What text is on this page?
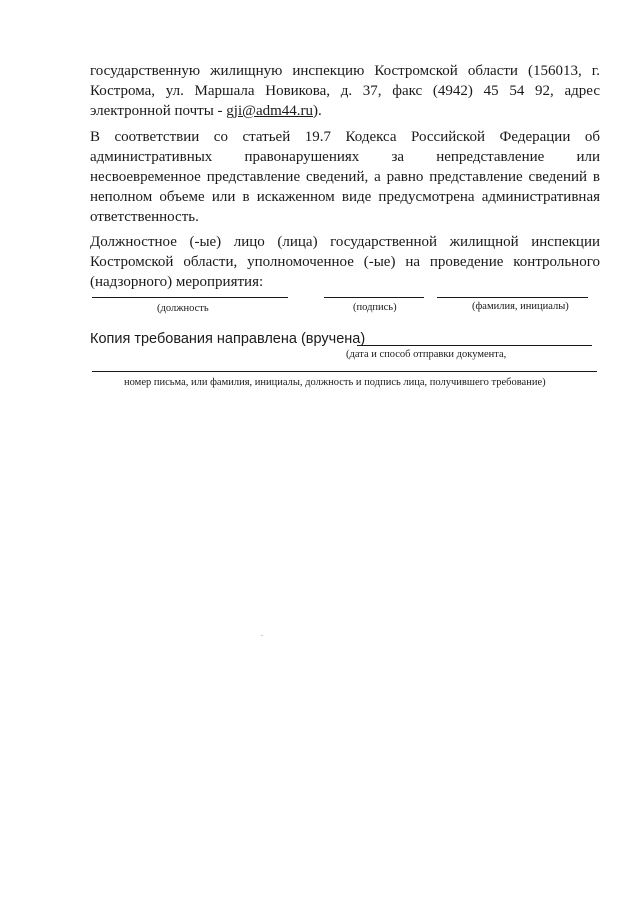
государственную жилищную инспекцию Костромской области (156013, г.
Кострома, ул. Маршала Новикова, д. 37, факс (4942) 45 54 92, адрес
электронной почты - gji@adm44.ru).
В соответствии со статьей 19.7 Кодекса Российской Федерации об
административных правонарушениях за непредставление или
несвоевременное представление сведений, а равно представление сведений в
неполном объеме или в искаженном виде предусмотрена административная
ответственность.
Должностное (-ые) лицо (лица) государственной жилищной инспекции
Костромской области, уполномоченное (-ые) на проведение контрольного
(надзорного) мероприятия:
(должность	(подпись)	(фамилия, инициалы)
Копия требования направлена (вручена)
(дата и способ отправки документа,
номер письма, или фамилия, инициалы, должность и подпись лица, получившего требование)
